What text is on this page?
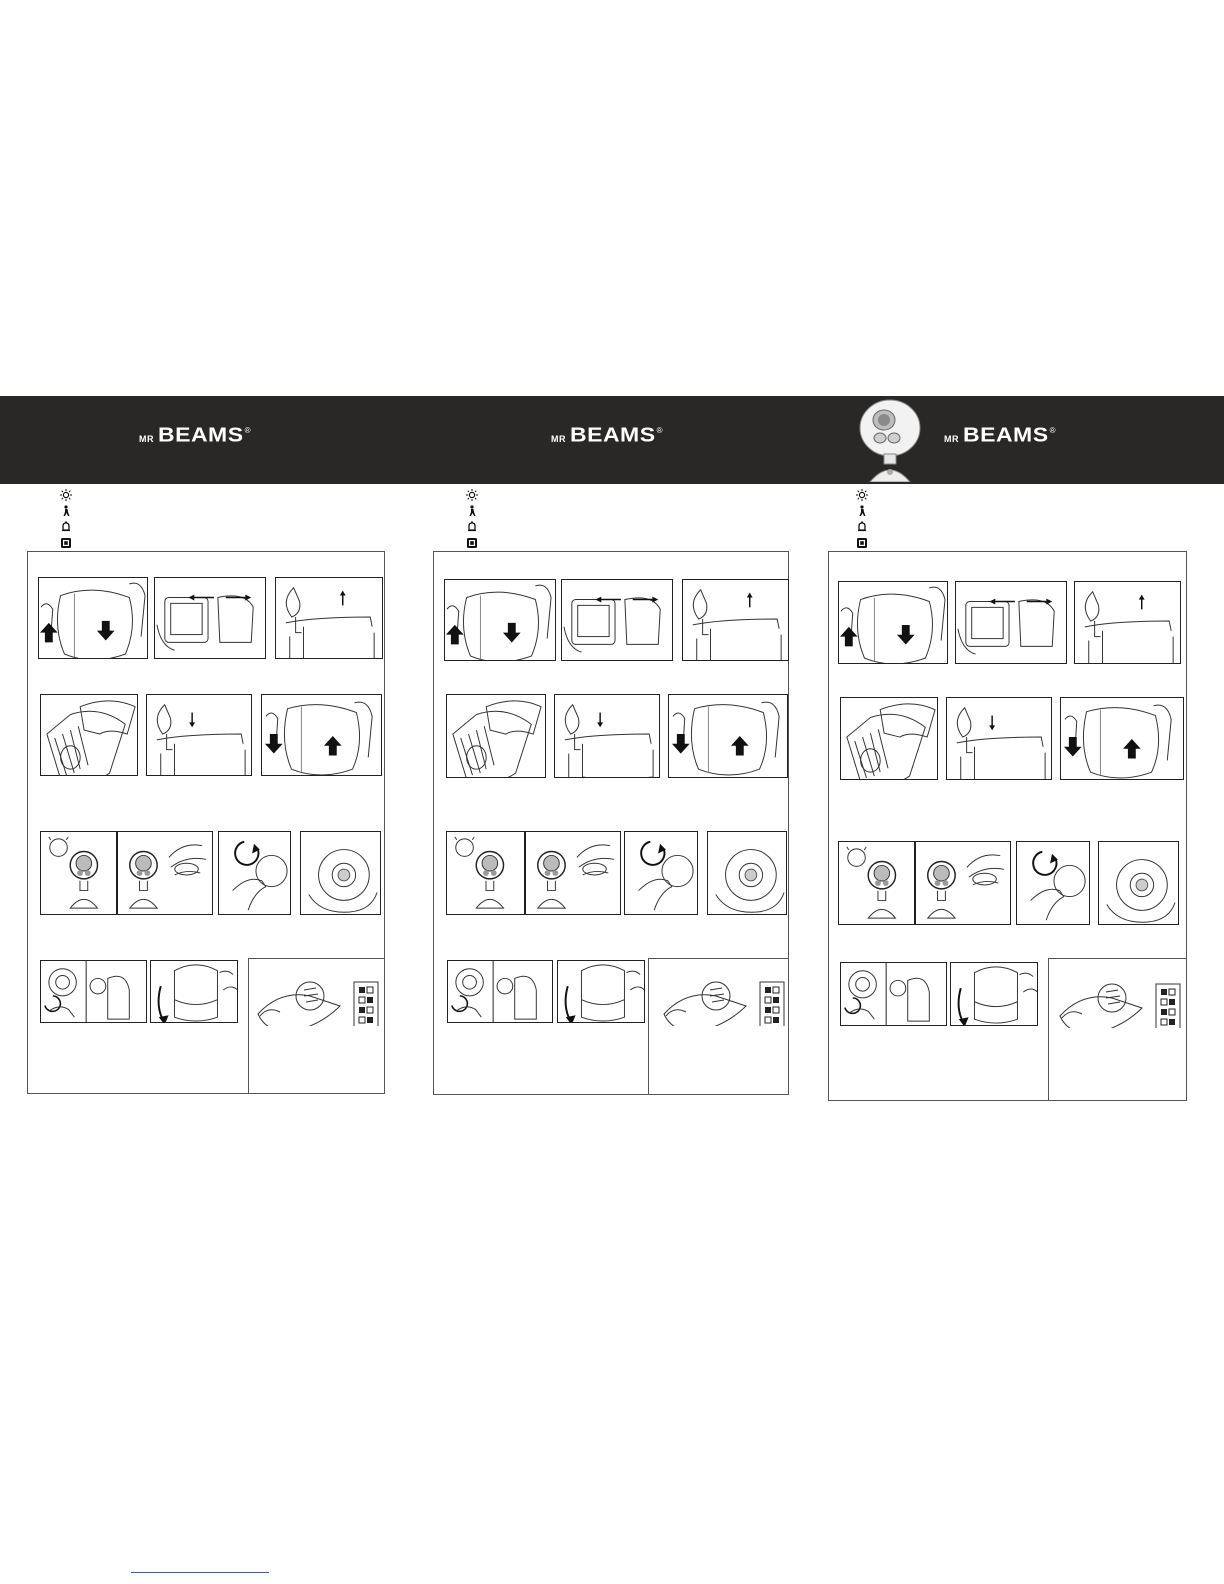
MR BEAMS ®
MR BEAMS ®
MR BEAMS ®
